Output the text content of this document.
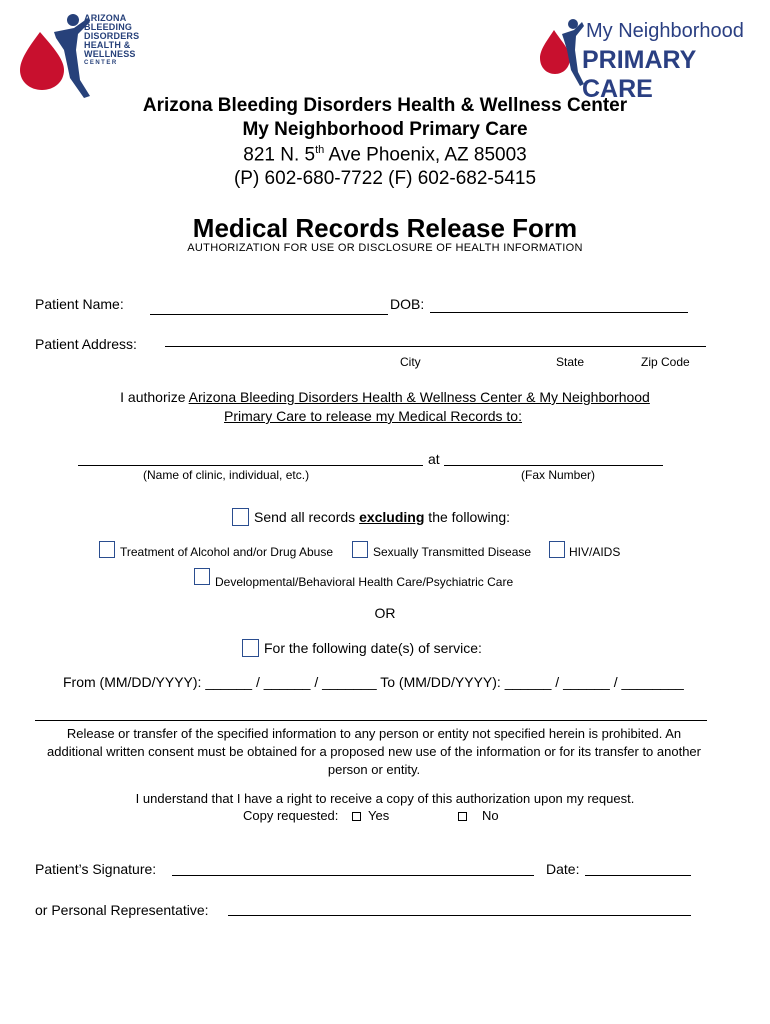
ARIZONA
BLEEDING
DISORDERS
HEALTH &
WELLNESS
CENTER
My Neighborhood
PRIMARY CARE
Arizona Bleeding Disorders Health & Wellness Center
My Neighborhood Primary Care
821 N. 5th Ave Phoenix, AZ 85003
(P) 602-680-7722 (F) 602-682-5415
Medical Records Release Form
AUTHORIZATION FOR USE OR DISCLOSURE OF HEALTH INFORMATION
Patient Name:	DOB:
Patient Address:
City	State	Zip Code
I authorize Arizona Bleeding Disorders Health & Wellness Center & My Neighborhood
Primary Care to release my Medical Records to:
at
(Name of clinic, individual, etc.)	(Fax Number)
Send all records excluding the following:
Treatment of Alcohol and/or Drug Abuse	Sexually Transmitted Disease	HIV/AIDS
Developmental/Behavioral Health Care/Psychiatric Care
OR
For the following date(s) of service:
From (MM/DD/YYYY): ______ / ______ / _______ To (MM/DD/YYYY): ______ / ______ / ________
Release or transfer of the specified information to any person or entity not specified herein is prohibited. An additional written consent must be obtained for a proposed new use of the information or for its transfer to another person or entity.
I understand that I have a right to receive a copy of this authorization upon my request.
Copy requested: Yes	No
Patient’s Signature:	Date:
or Personal Representative:
